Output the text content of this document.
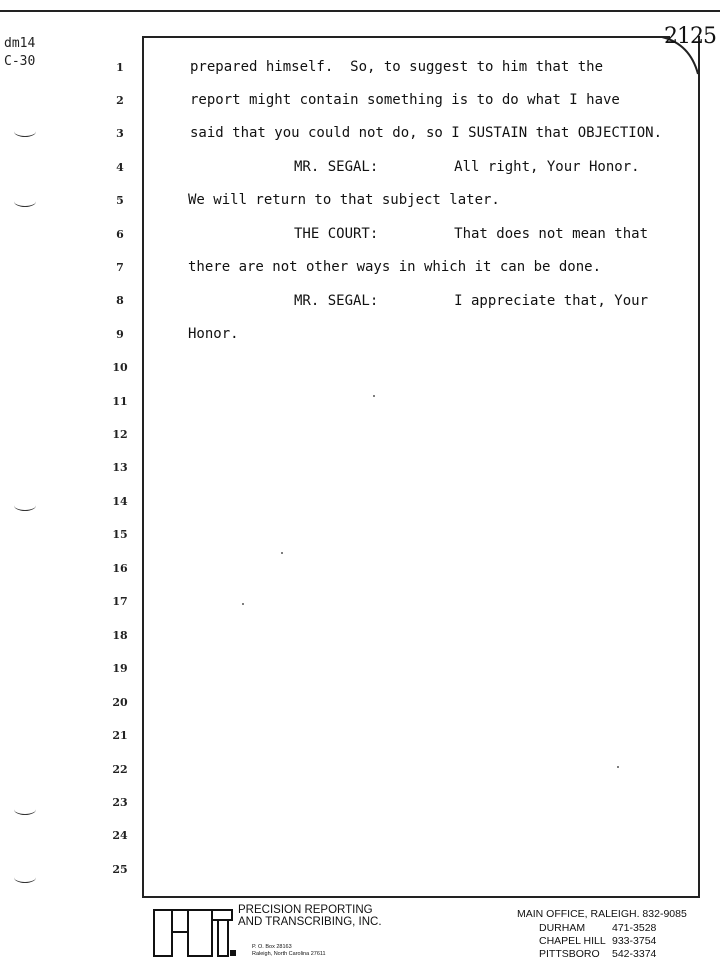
dm14
C-30
2125
1
2
3
4
5
6
7
8
9
10
11
12
13
14
15
16
17
18
19
20
21
22
23
24
25
prepared himself.  So, to suggest to him that the
report might contain something is to do what I have
said that you could not do, so I SUSTAIN that OBJECTION.
MR. SEGAL:         All right, Your Honor.
We will return to that subject later.
THE COURT:         That does not mean that
there are not other ways in which it can be done.
MR. SEGAL:         I appreciate that, Your
Honor.
PRECISION REPORTING
AND TRANSCRIBING, INC.
P. O. Box 28163
Raleigh, North Carolina 27611
MAIN OFFICE, RALEIGH. 832-9085
DURHAM	471-3528
CHAPEL HILL 933-3754
PITTSBORO 542-3374
